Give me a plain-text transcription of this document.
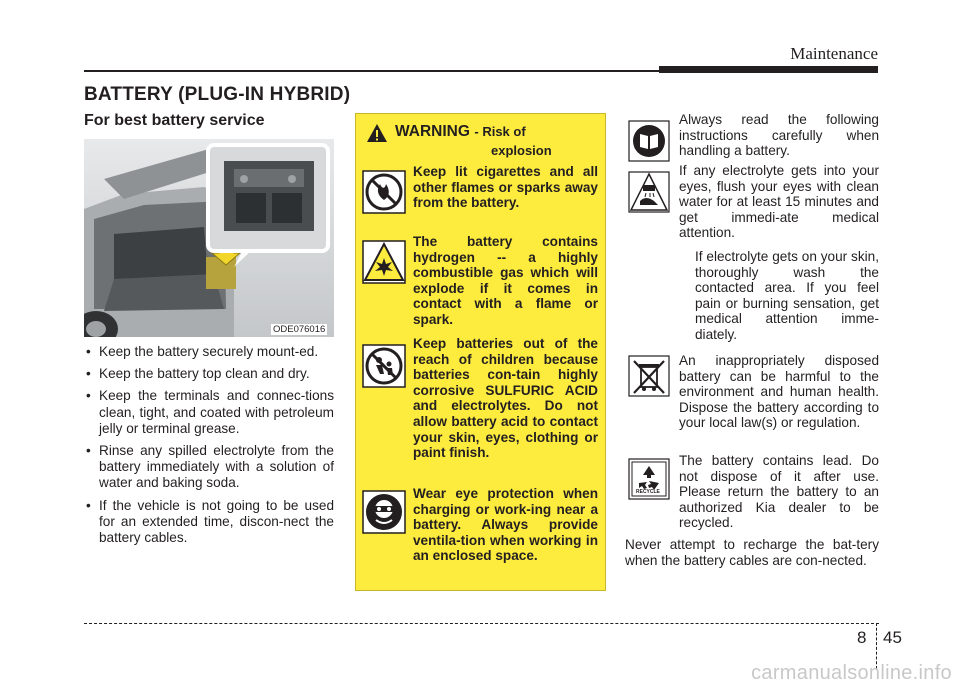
Maintenance
BATTERY (PLUG-IN HYBRID)
For best battery service
ODE076016
• Keep the battery securely mount-ed.
• Keep the battery top clean and dry.
• Keep the terminals and connec-tions clean, tight, and coated with petroleum jelly or terminal grease.
• Rinse any spilled electrolyte from the battery immediately with a solution of water and baking soda.
• If the vehicle is not going to be used for an extended time, discon-nect the battery cables.
WARNING - Risk of
explosion

Keep lit cigarettes and all other flames or sparks away from the battery.

The battery contains hydrogen -- a highly combustible gas which will explode if it comes in contact with a flame or spark.

Keep batteries out of the reach of children because batteries con-tain highly corrosive SULFURIC ACID and electrolytes. Do not allow battery acid to contact your skin, eyes, clothing or paint finish.

Wear eye protection when charging or work-ing near a battery. Always provide ventila-tion when working in an enclosed space.

ACID
RECYCLE

Always read the following instructions carefully when handling a battery.

If any electrolyte gets into your eyes, flush your eyes with clean water for at least 15 minutes and get immedi-ate medical attention.

If electrolyte gets on your skin, thoroughly wash the contacted area. If you feel pain or burning sensation, get medical attention imme-diately.

An inappropriately disposed battery can be harmful to the environment and human health. Dispose the battery according to your local law(s) or regulation.

The battery contains lead. Do not dispose of it after use. Please return the battery to an authorized Kia dealer to be recycled.

Never attempt to recharge the bat-tery when the battery cables are con-nected.

8 45
carmanualsonline.info
